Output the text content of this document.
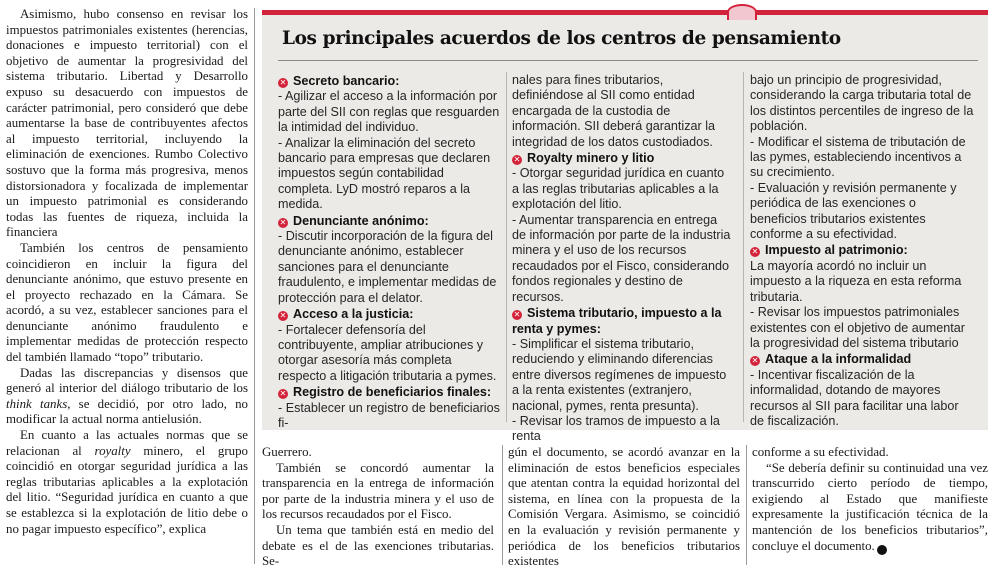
Asimismo, hubo consenso en revisar los impuestos patrimoniales existentes (herencias, donaciones e impuesto territorial) con el objetivo de aumentar la progresividad del sistema tributario. Libertad y Desarrollo expuso su desacuerdo con impuestos de carácter patrimonial, pero consideró que debe aumentarse la base de contribuyentes afectos al impuesto territorial, incluyendo la eliminación de exenciones. Rumbo Colectivo sostuvo que la forma más progresiva, menos distorsionadora y focalizada de implementar un impuesto patrimonial es considerando todas las fuentes de riqueza, incluida la financiera

También los centros de pensamiento coincidieron en incluir la figura del denunciante anónimo, que estuvo presente en el proyecto rechazado en la Cámara. Se acordó, a su vez, establecer sanciones para el denunciante anónimo fraudulento e implementar medidas de protección respecto del también llamado “topo” tributario.

Dadas las discrepancias y disensos que generó al interior del diálogo tributario de los think tanks, se decidió, por otro lado, no modificar la actual norma antielusión.

En cuanto a las actuales normas que se relacionan al royalty minero, el grupo coincidió en otorgar seguridad jurídica a las reglas tributarias aplicables a la explotación del litio. “Seguridad jurídica en cuanto a que se establezca si la explotación de litio debe o no pagar impuesto específico”, explica

Los principales acuerdos de los centros de pensamiento
✕ Secreto bancario:
- Agilizar el acceso a la información por parte del SII con reglas que resguarden la intimidad del individuo.
- Analizar la eliminación del secreto bancario para empresas que declaren impuestos según contabilidad completa. LyD mostró reparos a la medida.
✕ Denunciante anónimo:
- Discutir incorporación de la figura del denunciante anónimo, establecer sanciones para el denunciante fraudulento, e implementar medidas de protección para el delator.
✕ Acceso a la justicia:
- Fortalecer defensoría del contribuyente, ampliar atribuciones y otorgar asesoría más completa respecto a litigación tributaria a pymes.
✕ Registro de beneficiarios finales:
- Establecer un registro de beneficiarios fi-
nales para fines tributarios, definiéndose al SII como entidad encargada de la custodia de información. SII deberá garantizar la integridad de los datos custodiados.
✕ Royalty minero y litio
- Otorgar seguridad jurídica en cuanto a las reglas tributarias aplicables a la explotación del litio.
- Aumentar transparencia en entrega de información por parte de la industria minera y el uso de los recursos recaudados por el Fisco, considerando fondos regionales y destino de recursos.
✕ Sistema tributario, impuesto a la renta y pymes:
- Simplificar el sistema tributario, reduciendo y eliminando diferencias entre diversos regímenes de impuesto a la renta existentes (extranjero, nacional, pymes, renta presunta).
- Revisar los tramos de impuesto a la renta
bajo un principio de progresividad, considerando la carga tributaria total de los distintos percentiles de ingreso de la población.
- Modificar el sistema de tributación de las pymes, estableciendo incentivos a su crecimiento.
- Evaluación y revisión permanente y periódica de las exenciones o beneficios tributarios existentes conforme a su efectividad.
✕ Impuesto al patrimonio:
La mayoría acordó no incluir un impuesto a la riqueza en esta reforma tributaria.
- Revisar los impuestos patrimoniales existentes con el objetivo de aumentar la progresividad del sistema tributario
✕ Ataque a la informalidad
- Incentivar fiscalización de la informalidad, dotando de mayores recursos al SII para facilitar una labor de fiscalización.

Guerrero.

También se concordó aumentar la transparencia en la entrega de información por parte de la industria minera y el uso de los recursos recaudados por el Fisco.

Un tema que también está en medio del debate es el de las exenciones tributarias. Se-

gún el documento, se acordó avanzar en la eliminación de estos beneficios especiales que atentan contra la equidad horizontal del sistema, en línea con la propuesta de la Comisión Vergara. Asimismo, se coincidió en la evaluación y revisión permanente y periódica de los beneficios tributarios existentes

conforme a su efectividad.

“Se debería definir su continuidad una vez transcurrido cierto período de tiempo, exigiendo al Estado que manifieste expresamente la justificación técnica de la mantención de los beneficios tributarios”, concluye el documento. P
